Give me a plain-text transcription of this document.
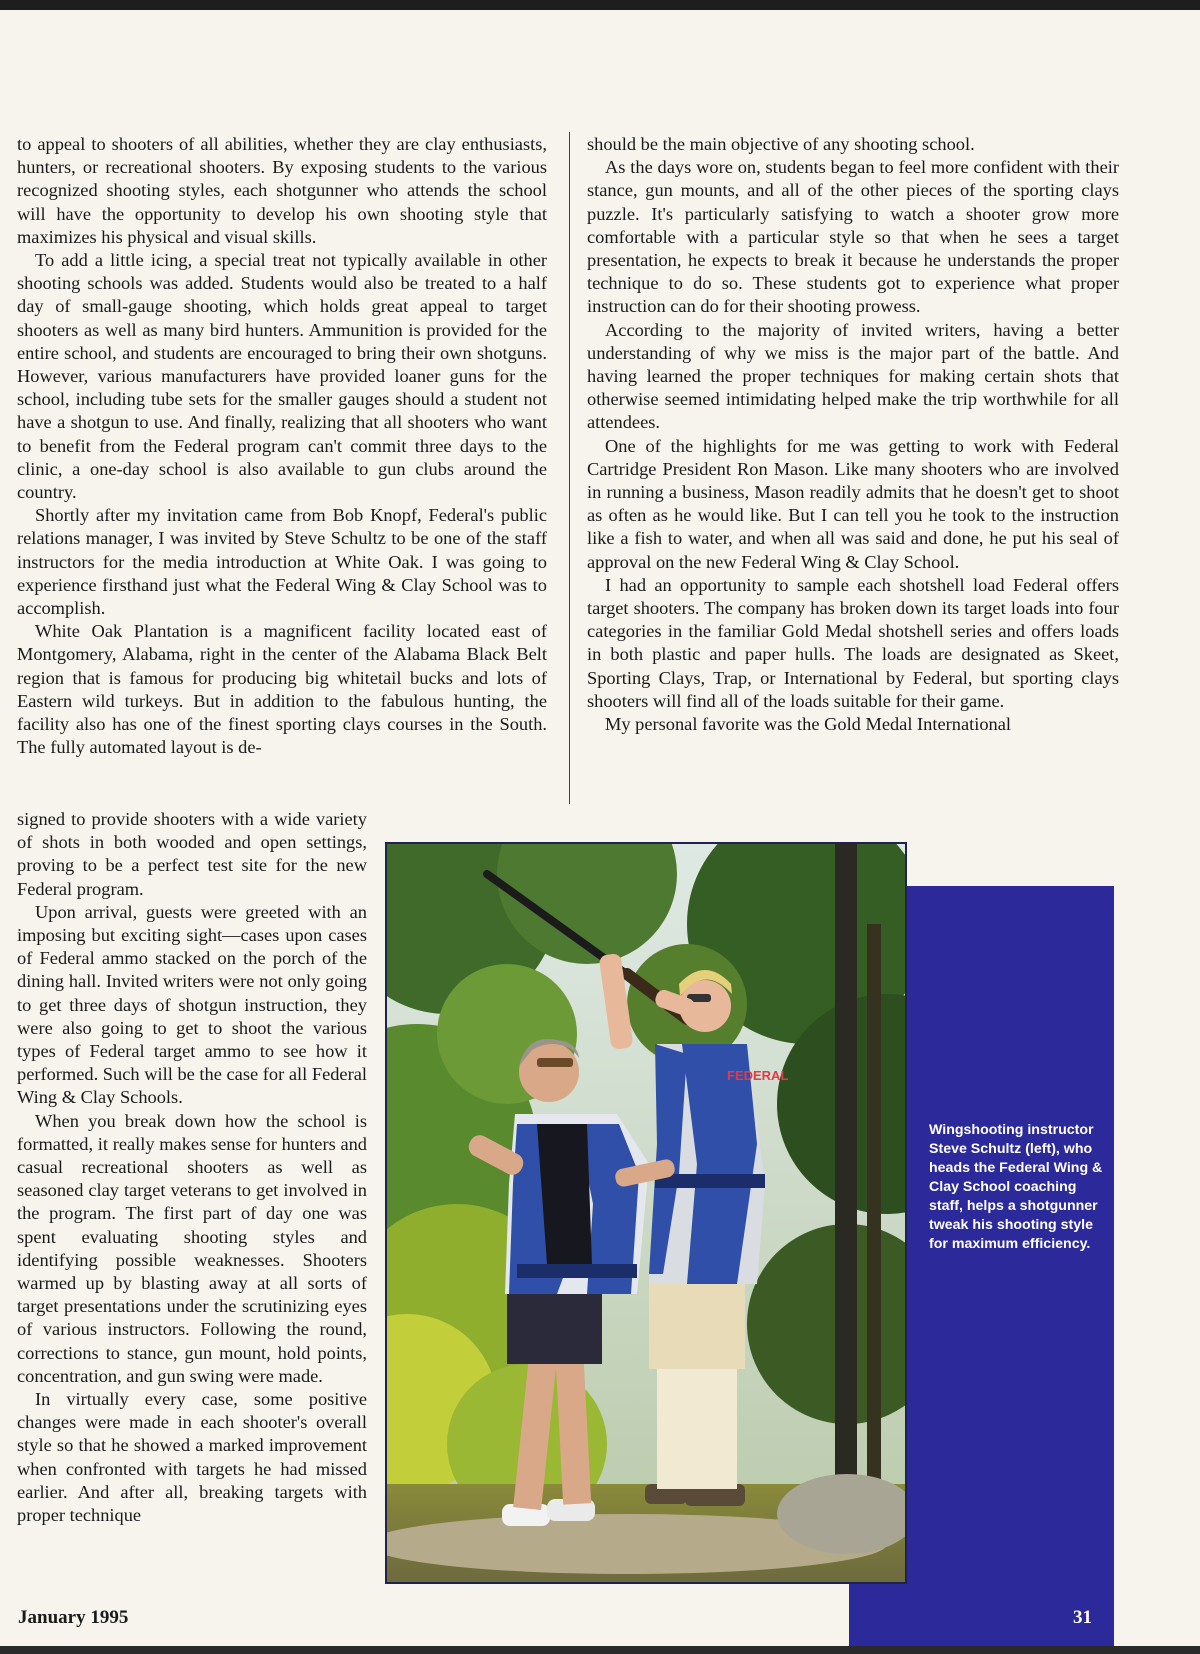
to appeal to shooters of all abilities, whether they are clay enthusiasts, hunters, or recreational shooters. By exposing students to the various recognized shooting styles, each shotgunner who attends the school will have the opportunity to develop his own shooting style that maximizes his physical and visual skills.

To add a little icing, a special treat not typically available in other shooting schools was added. Students would also be treated to a half day of small-gauge shooting, which holds great appeal to target shooters as well as many bird hunters. Ammunition is provided for the entire school, and students are encouraged to bring their own shotguns. However, various manufacturers have provided loaner guns for the school, including tube sets for the smaller gauges should a student not have a shotgun to use. And finally, realizing that all shooters who want to benefit from the Federal program can't commit three days to the clinic, a one-day school is also available to gun clubs around the country.

Shortly after my invitation came from Bob Knopf, Federal's public relations manager, I was invited by Steve Schultz to be one of the staff instructors for the media introduction at White Oak. I was going to experience firsthand just what the Federal Wing & Clay School was to accomplish.

White Oak Plantation is a magnificent facility located east of Montgomery, Alabama, right in the center of the Alabama Black Belt region that is famous for producing big whitetail bucks and lots of Eastern wild turkeys. But in addition to the fabulous hunting, the facility also has one of the finest sporting clays courses in the South. The fully automated layout is de-

signed to provide shooters with a wide variety of shots in both wooded and open settings, proving to be a perfect test site for the new Federal program.

Upon arrival, guests were greeted with an imposing but exciting sight—cases upon cases of Federal ammo stacked on the porch of the dining hall. Invited writers were not only going to get three days of shotgun instruction, they were also going to get to shoot the various types of Federal target ammo to see how it performed. Such will be the case for all Federal Wing & Clay Schools.

When you break down how the school is formatted, it really makes sense for hunters and casual recreational shooters as well as seasoned clay target veterans to get involved in the program. The first part of day one was spent evaluating shooting styles and identifying possible weaknesses. Shooters warmed up by blasting away at all sorts of target presentations under the scrutinizing eyes of various instructors. Following the round, corrections to stance, gun mount, hold points, concentration, and gun swing were made.

In virtually every case, some positive changes were made in each shooter's overall style so that he showed a marked improvement when confronted with targets he had missed earlier. And after all, breaking targets with proper technique

should be the main objective of any shooting school.

As the days wore on, students began to feel more confident with their stance, gun mounts, and all of the other pieces of the sporting clays puzzle. It's particularly satisfying to watch a shooter grow more comfortable with a particular style so that when he sees a target presentation, he expects to break it because he understands the proper technique to do so. These students got to experience what proper instruction can do for their shooting prowess.

According to the majority of invited writers, having a better understanding of why we miss is the major part of the battle. And having learned the proper techniques for making certain shots that otherwise seemed intimidating helped make the trip worthwhile for all attendees.

One of the highlights for me was getting to work with Federal Cartridge President Ron Mason. Like many shooters who are involved in running a business, Mason readily admits that he doesn't get to shoot as often as he would like. But I can tell you he took to the instruction like a fish to water, and when all was said and done, he put his seal of approval on the new Federal Wing & Clay School.

I had an opportunity to sample each shotshell load Federal offers target shooters. The company has broken down its target loads into four categories in the familiar Gold Medal shotshell series and offers loads in both plastic and paper hulls. The loads are designated as Skeet, Sporting Clays, Trap, or International by Federal, but sporting clays shooters will find all of the loads suitable for their game.

My personal favorite was the Gold Medal International

FEDERAL
Wingshooting instructor Steve Schultz (left), who heads the Federal Wing & Clay School coaching staff, helps a shotgunner tweak his shooting style for maximum efficiency.
January 1995	31
